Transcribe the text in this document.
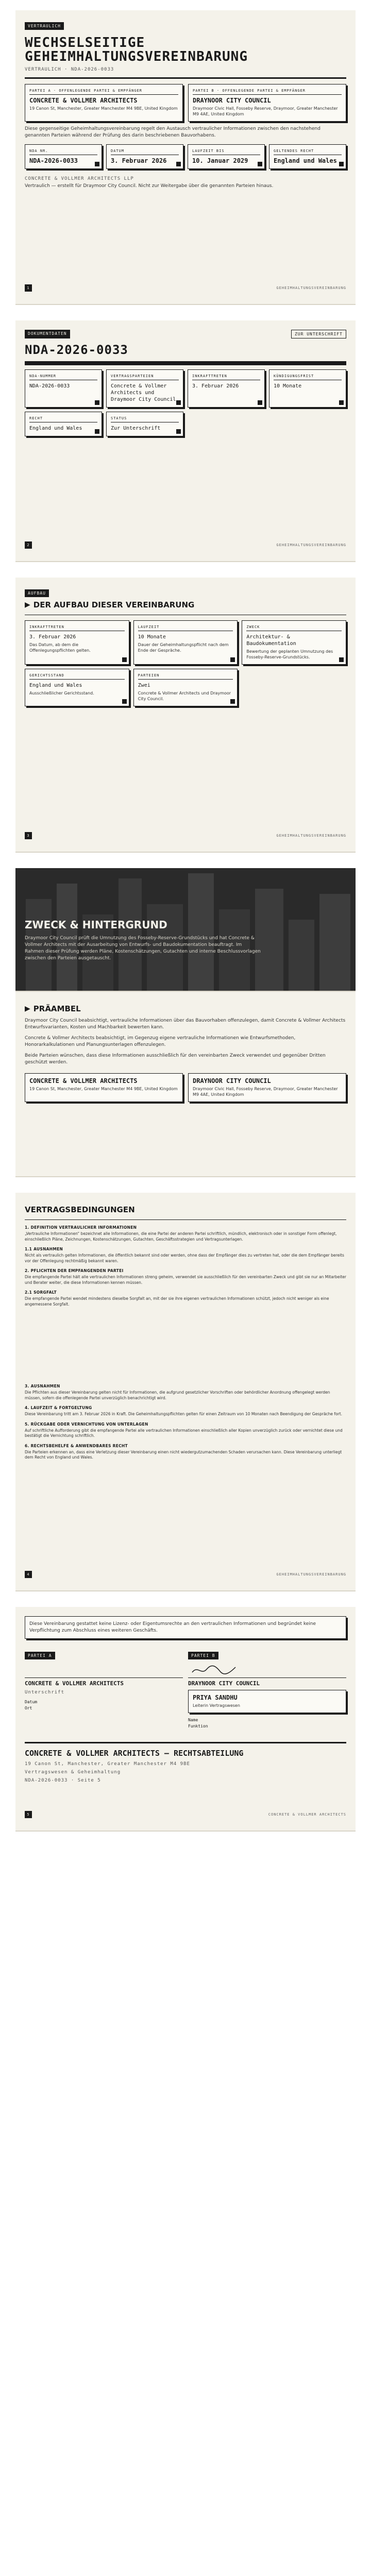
VERTRAULICH
WECHSELSEITIGE GEHEIMHALTUNGSVEREINBARUNG
VERTRAULICH · NDA-2026-0033
PARTEI A · OFFENLEGENDE PARTEI & EMPFÄNGER
CONCRETE & VOLLMER ARCHITECTS
19 Canon St, Manchester, Greater Manchester M4 9BE, United Kingdom
PARTEI B · OFFENLEGENDE PARTEI & EMPFÄNGER
DRAYNOOR CITY COUNCIL
Draymoor Civic Hall, Fosseby Reserve, Draymoor, Greater Manchester M9 4AE, United Kingdom

Diese gegenseitige Geheimhaltungsvereinbarung regelt den Austausch vertraulicher Informationen zwischen den nachstehend genannten Parteien während der Prüfung des darin beschriebenen Bauvorhabens.

NDA NR.
NDA-2026-0033
DATUM
3. Februar 2026
LAUFZEIT BIS
10. Januar 2029
GELTENDES RECHT
England und Wales
CONCRETE & VOLLMER ARCHITECTS LLP

Vertraulich — erstellt für Draymoor City Council. Nicht zur Weitergabe über die genannten Parteien hinaus.

1	GEHEIMHALTUNGSVEREINBARUNG
DOKUMENTDATEN	ZUR UNTERSCHRIFT
NDA-2026-0033
NDA-NUMMER
NDA-2026-0033
VERTRAGSPARTEIEN
Concrete & Vollmer Architects und Draymoor City Council
INKRAFTTRETEN
3. Februar 2026
KÜNDIGUNGSFRIST
10 Monate
RECHT
England und Wales
STATUS
Zur Unterschrift
2	GEHEIMHALTUNGSVEREINBARUNG
AUFBAU
▶ DER AUFBAU DIESER VEREINBARUNG
INKRAFTTRETEN
3. Februar 2026
Das Datum, ab dem die Offenlegungspflichten gelten.
LAUFZEIT
10 Monate
Dauer der Geheimhaltungspflicht nach dem Ende der Gespräche.
ZWECK
Architektur- & Baudokumentation
Bewertung der geplanten Umnutzung des Fosseby-Reserve-Grundstücks.
GERICHTSSTAND
England und Wales
Ausschließlicher Gerichtsstand.
PARTEIEN
Zwei
Concrete & Vollmer Architects und Draymoor City Council.
3	GEHEIMHALTUNGSVEREINBARUNG
ZWECK & HINTERGRUND

Draymoor City Council prüft die Umnutzung des Fosseby-Reserve-Grundstücks und hat Concrete & Vollmer Architects mit der Ausarbeitung von Entwurfs- und Baudokumentation beauftragt. Im Rahmen dieser Prüfung werden Pläne, Kostenschätzungen, Gutachten und interne Beschlussvorlagen zwischen den Parteien ausgetauscht.

▶ PRÄAMBEL

Draymoor City Council beabsichtigt, vertrauliche Informationen über das Bauvorhaben offenzulegen, damit Concrete & Vollmer Architects Entwurfsvarianten, Kosten und Machbarkeit bewerten kann.

Concrete & Vollmer Architects beabsichtigt, im Gegenzug eigene vertrauliche Informationen wie Entwurfsmethoden, Honorarkalkulationen und Planungsunterlagen offenzulegen.

Beide Parteien wünschen, dass diese Informationen ausschließlich für den vereinbarten Zweck verwendet und gegenüber Dritten geschützt werden.

CONCRETE & VOLLMER ARCHITECTS
19 Canon St, Manchester, Greater Manchester M4 9BE, United Kingdom
DRAYNOOR CITY COUNCIL
Draymoor Civic Hall, Fosseby Reserve, Draymoor, Greater Manchester M9 4AE, United Kingdom
VERTRAGSBEDINGUNGEN
1. DEFINITION VERTRAULICHER INFORMATIONEN

„Vertrauliche Informationen“ bezeichnet alle Informationen, die eine Partei der anderen Partei schriftlich, mündlich, elektronisch oder in sonstiger Form offenlegt, einschließlich Pläne, Zeichnungen, Kostenschätzungen, Gutachten, Geschäftsstrategien und Vertragsunterlagen.

1.1 AUSNAHMEN

Nicht als vertraulich gelten Informationen, die öffentlich bekannt sind oder werden, ohne dass der Empfänger dies zu vertreten hat, oder die dem Empfänger bereits vor der Offenlegung rechtmäßig bekannt waren.

2. PFLICHTEN DER EMPFANGENDEN PARTEI

Die empfangende Partei hält alle vertraulichen Informationen streng geheim, verwendet sie ausschließlich für den vereinbarten Zweck und gibt sie nur an Mitarbeiter und Berater weiter, die diese Informationen kennen müssen.

2.1 SORGFALT

Die empfangende Partei wendet mindestens dieselbe Sorgfalt an, mit der sie ihre eigenen vertraulichen Informationen schützt, jedoch nicht weniger als eine angemessene Sorgfalt.

3. AUSNAHMEN

Die Pflichten aus dieser Vereinbarung gelten nicht für Informationen, die aufgrund gesetzlicher Vorschriften oder behördlicher Anordnung offengelegt werden müssen, sofern die offenlegende Partei unverzüglich benachrichtigt wird.

4. LAUFZEIT & FORTGELTUNG

Diese Vereinbarung tritt am 3. Februar 2026 in Kraft. Die Geheimhaltungspflichten gelten für einen Zeitraum von 10 Monaten nach Beendigung der Gespräche fort.

5. RÜCKGABE ODER VERNICHTUNG VON UNTERLAGEN

Auf schriftliche Aufforderung gibt die empfangende Partei alle vertraulichen Informationen einschließlich aller Kopien unverzüglich zurück oder vernichtet diese und bestätigt die Vernichtung schriftlich.

6. RECHTSBEHELFE & ANWENDBARES RECHT

Die Parteien erkennen an, dass eine Verletzung dieser Vereinbarung einen nicht wiedergutzumachenden Schaden verursachen kann. Diese Vereinbarung unterliegt dem Recht von England und Wales.

4	GEHEIMHALTUNGSVEREINBARUNG

Diese Vereinbarung gestattet keine Lizenz- oder Eigentumsrechte an den vertraulichen Informationen und begründet keine Verpflichtung zum Abschluss eines weiteren Geschäfts.

PARTEI A
CONCRETE & VOLLMER ARCHITECTS
Unterschrift
Datum
Ort
PARTEI B
DRAYNOOR CITY COUNCIL
PRIYA SANDHU
Leiterin Vertragswesen
Name
Funktion
CONCRETE & VOLLMER ARCHITECTS — RECHTSABTEILUNG
19 Canon St, Manchester, Greater Manchester M4 9BE
Vertragswesen & Geheimhaltung
NDA-2026-0033 · Seite 5
5	CONCRETE & VOLLMER ARCHITECTS
